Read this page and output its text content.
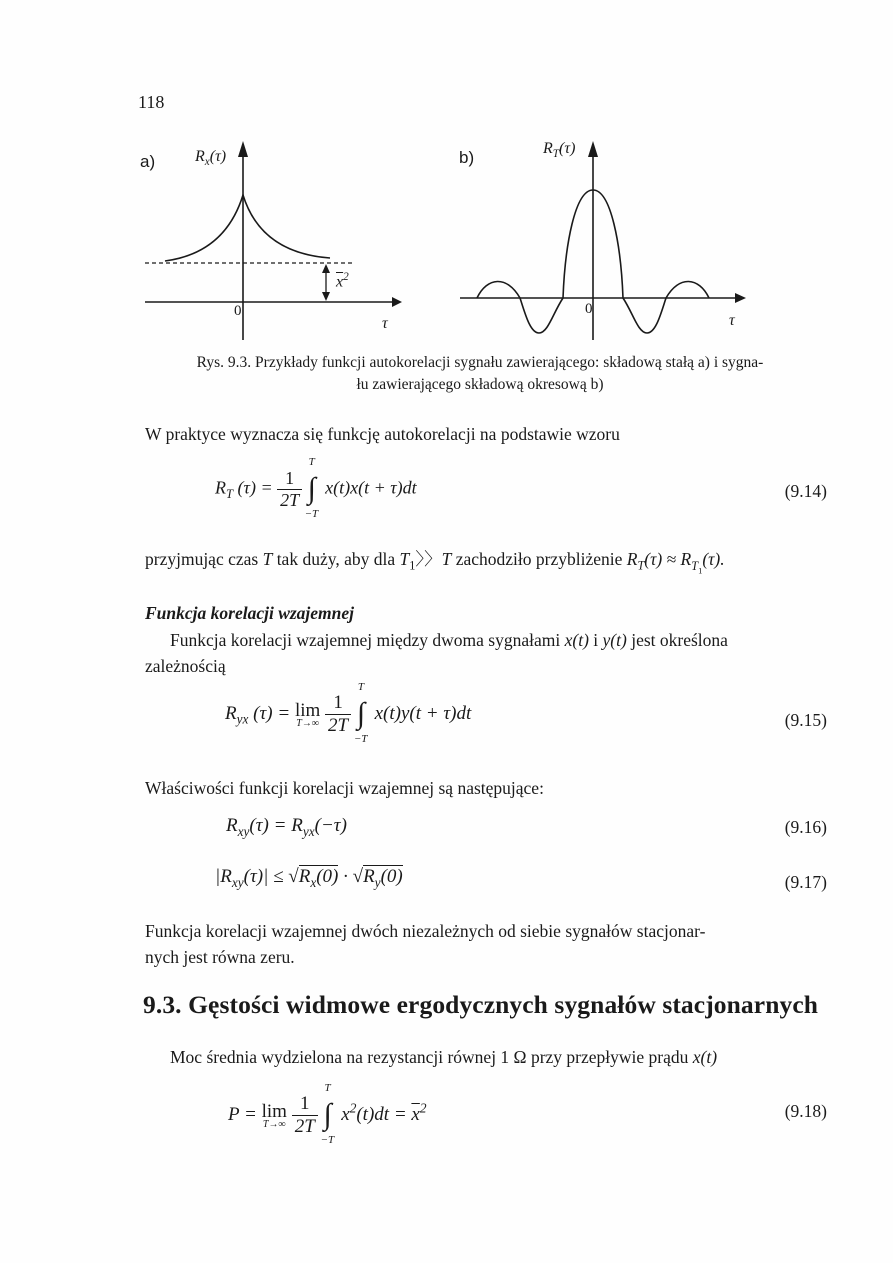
118
a) $R_x(\tau)$
0
τ
$\overline{x}^2$
b)	$R_T(\tau)$
0
τ
Rys. 9.3. Przykłady funkcji autokorelacji sygnału zawierającego: składową stałą a) i sygna-
łu zawierającego składową okresową b)
W praktyce wyznacza się funkcję autokorelacji na podstawie wzoru
$R_T$ $(\tau) = \frac{1}{2T}$

T
∫
−T
x(t)x(t + τ)dt	(9.14)
przyjmując czas T tak duży, aby dla $T_1$〉〉T zachodziło przybliżenie $R_T(\tau) \approx R_{T_1}(\tau)$.
Funkcja korelacji wzajemnej
Funkcja korelacji wzajemnej między dwoma sygnałami x(t) i y(t) jest określona
zależnością
$R_{yx}$ (τ) = lim
T→∞
$\frac{1}{2T}$

T
∫
−T
x(t)y(t + τ)dt	(9.15)
Właściwości funkcji korelacji wzajemnej są następujące:
$R_{xy}(\tau) = R_{yx}(-\tau)$	(9.16)
$|R_{xy}(\tau)| \le √R_x(0) \cdot √R_y(0)$	(9.17)
Funkcja korelacji wzajemnej dwóch niezależnych od siebie sygnałów stacjonar-
nych jest równa zeru.
9.3. Gęstości widmowe ergodycznych sygnałów stacjonarnych
Moc średnia wydzielona na rezystancji równej 1 Ω przy przepływie prądu x(t)
P = lim
T→∞
$\frac{1}{2T}$

T
∫
−T
$x^2(t)dt = \overline{x}^2$	(9.18)
